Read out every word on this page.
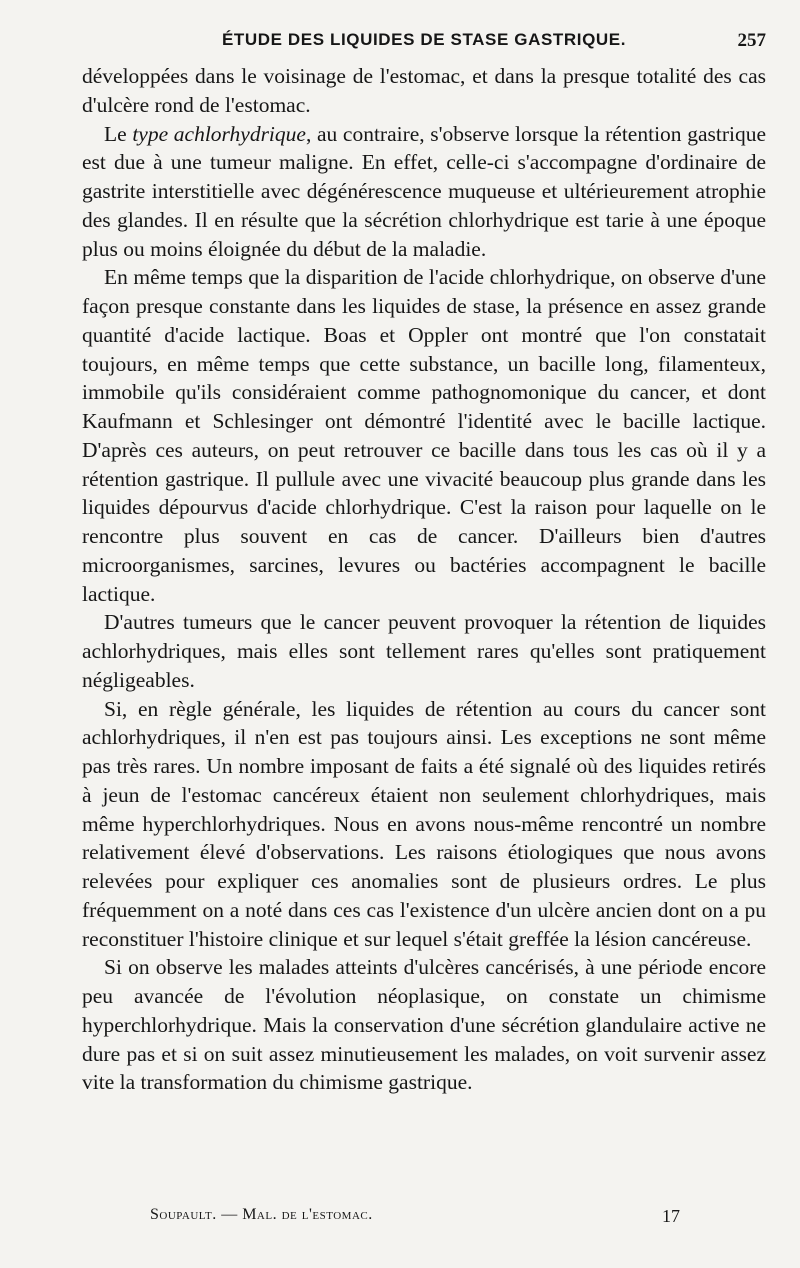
ÉTUDE DES LIQUIDES DE STASE GASTRIQUE.	257

développées dans le voisinage de l'estomac, et dans la presque totalité des cas d'ulcère rond de l'estomac.

Le type achlorhydrique, au contraire, s'observe lorsque la rétention gastrique est due à une tumeur maligne. En effet, celle-ci s'accompagne d'ordinaire de gastrite interstitielle avec dégénérescence muqueuse et ultérieurement atrophie des glandes. Il en résulte que la sécrétion chlorhydrique est tarie à une époque plus ou moins éloignée du début de la maladie.

En même temps que la disparition de l'acide chlorhydrique, on observe d'une façon presque constante dans les liquides de stase, la présence en assez grande quantité d'acide lactique. Boas et Oppler ont montré que l'on constatait toujours, en même temps que cette substance, un bacille long, filamenteux, immobile qu'ils considéraient comme pathognomonique du cancer, et dont Kaufmann et Schlesinger ont démontré l'identité avec le bacille lactique. D'après ces auteurs, on peut retrouver ce bacille dans tous les cas où il y a rétention gastrique. Il pullule avec une vivacité beaucoup plus grande dans les liquides dépourvus d'acide chlorhydrique. C'est la raison pour laquelle on le rencontre plus souvent en cas de cancer. D'ailleurs bien d'autres microorganismes, sarcines, levures ou bactéries accompagnent le bacille lactique.

D'autres tumeurs que le cancer peuvent provoquer la rétention de liquides achlorhydriques, mais elles sont tellement rares qu'elles sont pratiquement négligeables.

Si, en règle générale, les liquides de rétention au cours du cancer sont achlorhydriques, il n'en est pas toujours ainsi. Les exceptions ne sont même pas très rares. Un nombre imposant de faits a été signalé où des liquides retirés à jeun de l'estomac cancéreux étaient non seulement chlorhydriques, mais même hyperchlorhydriques. Nous en avons nous-même rencontré un nombre relativement élevé d'observations. Les raisons étiologiques que nous avons relevées pour expliquer ces anomalies sont de plusieurs ordres. Le plus fréquemment on a noté dans ces cas l'existence d'un ulcère ancien dont on a pu reconstituer l'histoire clinique et sur lequel s'était greffée la lésion cancéreuse.

Si on observe les malades atteints d'ulcères cancérisés, à une période encore peu avancée de l'évolution néoplasique, on constate un chimisme hyperchlorhydrique. Mais la conservation d'une sécrétion glandulaire active ne dure pas et si on suit assez minutieusement les malades, on voit survenir assez vite la transformation du chimisme gastrique.

Soupault. — Mal. de l'estomac.	17
